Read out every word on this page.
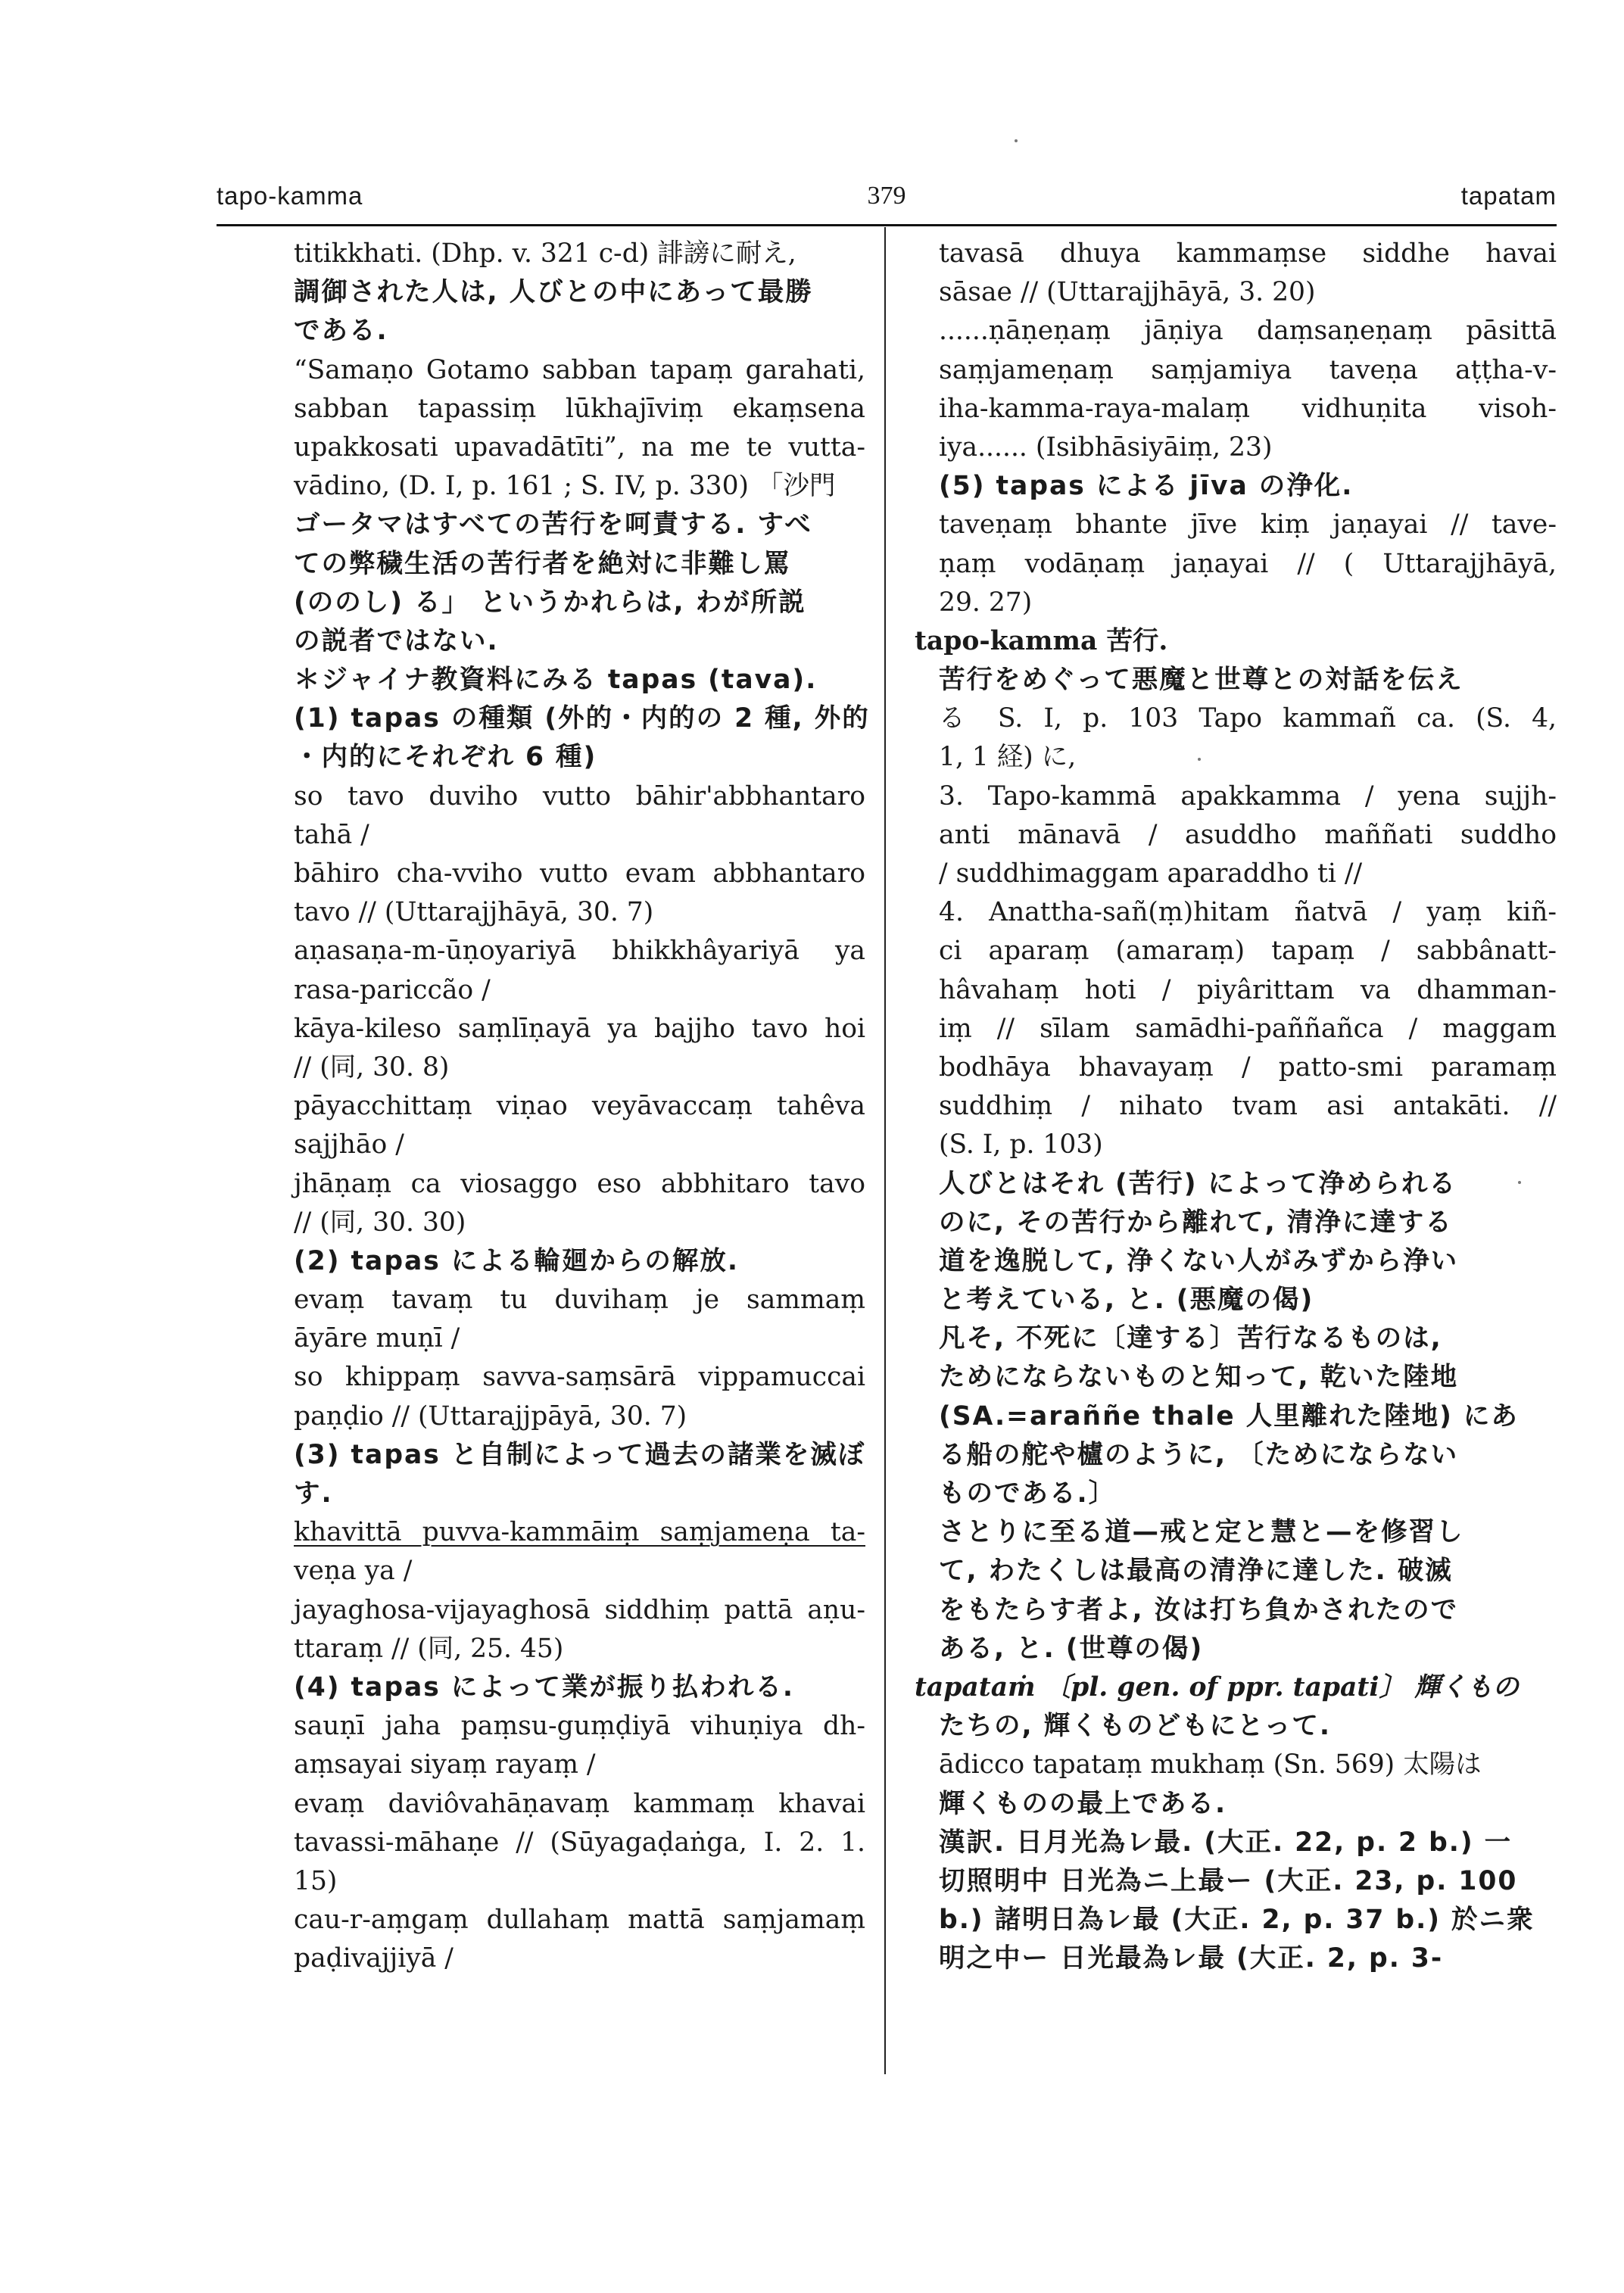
tapo-kamma	379	tapatam
titikkhati. (Dhp. v. 321 c-d) 誹謗に耐え,
調御された人は, 人びとの中にあって最勝
である.
“Samaṇo Gotamo sabban tapaṃ garahati,
sabban tapassiṃ lūkhajīviṃ ekaṃsena
upakkosati upavadātīti”, na me te vutta-
vādino, (D. I, p. 161 ; S. IV, p. 330) 「沙門
ゴータマはすべての苦行を呵責する. すべ
ての弊穢生活の苦行者を絶対に非難し罵
(ののし) る」 というかれらは, わが所説
の説者ではない.
＊ジャイナ教資料にみる tapas (tava).
(1) tapas の種類 (外的・内的の 2 種, 外的
・内的にそれぞれ 6 種)
so tavo duviho vutto bāhir'abbhantaro
tahā /
bāhiro cha-vviho vutto evam abbhantaro
tavo // (Uttarajjhāyā, 30. 7)
aṇasaṇa-m-ūṇoyariyā bhikkhâyariyā ya
rasa-pariccão /
kāya-kileso saṃlīṇayā ya bajjho tavo hoi
// (同, 30. 8)
pāyacchittaṃ viṇao veyāvaccaṃ tahêva
sajjhāo /
jhāṇaṃ ca viosaggo eso abbhitaro tavo
// (同, 30. 30)
(2) tapas による輪廻からの解放.
evaṃ tavaṃ tu duvihaṃ je sammaṃ
āyāre muṇī /
so khippaṃ savva-saṃsārā vippamuccai
paṇḍio // (Uttarajjpāyā, 30. 7)
(3) tapas と自制によって過去の諸業を滅ぼ
す.
khavittā puvva-kammāiṃ saṃjameṇa ta-
veṇa ya /
jayaghosa-vijayaghosā siddhiṃ pattā aṇu-
ttaraṃ // (同, 25. 45)
(4) tapas によって業が振り払われる.
sauṇī jaha paṃsu-guṃḍiyā vihuṇiya dh-
aṃsayai siyaṃ rayaṃ /
evaṃ daviôvahāṇavaṃ kammaṃ khavai
tavassi-māhaṇe // (Sūyagaḍaṅga, I. 2. 1.
15)
cau-r-aṃgaṃ dullahaṃ mattā saṃjamaṃ
paḍivajjiyā /
tavasā dhuya kammaṃse siddhe havai
sāsae // (Uttarajjhāyā, 3. 20)
......ṇāṇeṇaṃ jāṇiya daṃsaṇeṇaṃ pāsittā
saṃjameṇaṃ saṃjamiya taveṇa aṭṭha-v-
iha-kamma-raya-malaṃ vidhuṇita visoh-
iya...... (Isibhāsiyāiṃ, 23)
(5) tapas による jīva の浄化.
taveṇaṃ bhante jīve kiṃ jaṇayai // tave-
ṇaṃ vodāṇaṃ jaṇayai // ( Uttarajjhāyā,
29. 27)
tapo-kamma 苦行.
苦行をめぐって悪魔と世尊との対話を伝え
る S. I, p. 103 Tapo kammañ ca. (S. 4,
1, 1 経) に,
3. Tapo-kammā apakkamma / yena sujjh-
anti mānavā / asuddho maññati suddho
/ suddhimaggam aparaddho ti //
4. Anattha-sañ(ṃ)hitam ñatvā / yaṃ kiñ-
ci aparaṃ (amaraṃ) tapaṃ / sabbânatt-
hâvahaṃ hoti / piyârittam va dhamman-
iṃ // sīlam samādhi-paññañca / maggam
bodhāya bhavayaṃ / patto-smi paramaṃ
suddhiṃ / nihato tvam asi antakāti. //
(S. I, p. 103)
人びとはそれ (苦行) によって浄められる
のに, その苦行から離れて, 清浄に達する
道を逸脱して, 浄くない人がみずから浄い
と考えている, と. (悪魔の偈)
凡そ, 不死に〔達する〕苦行なるものは,
ためにならないものと知って, 乾いた陸地
(SA.=araññe thale 人里離れた陸地) にあ
る船の舵や櫨のように, 〔ためにならない
ものである.〕
さとりに至る道—戒と定と慧と—を修習し
て, わたくしは最高の清浄に達した. 破滅
をもたらす者よ, 汝は打ち負かされたので
ある, と. (世尊の偈)
tapataṁ 〔pl. gen. of ppr. tapati〕 輝くもの
たちの, 輝くものどもにとって.
ādicco tapataṃ mukhaṃ (Sn. 569) 太陽は
輝くものの最上である.
漢訳. 日月光為レ最. (大正. 22, p. 2 b.) 一
切照明中 日光為ニ上最ー (大正. 23, p. 100
b.) 諸明日為レ最 (大正. 2, p. 37 b.) 於ニ衆
明之中ー 日光最為レ最 (大正. 2, p. 3-
